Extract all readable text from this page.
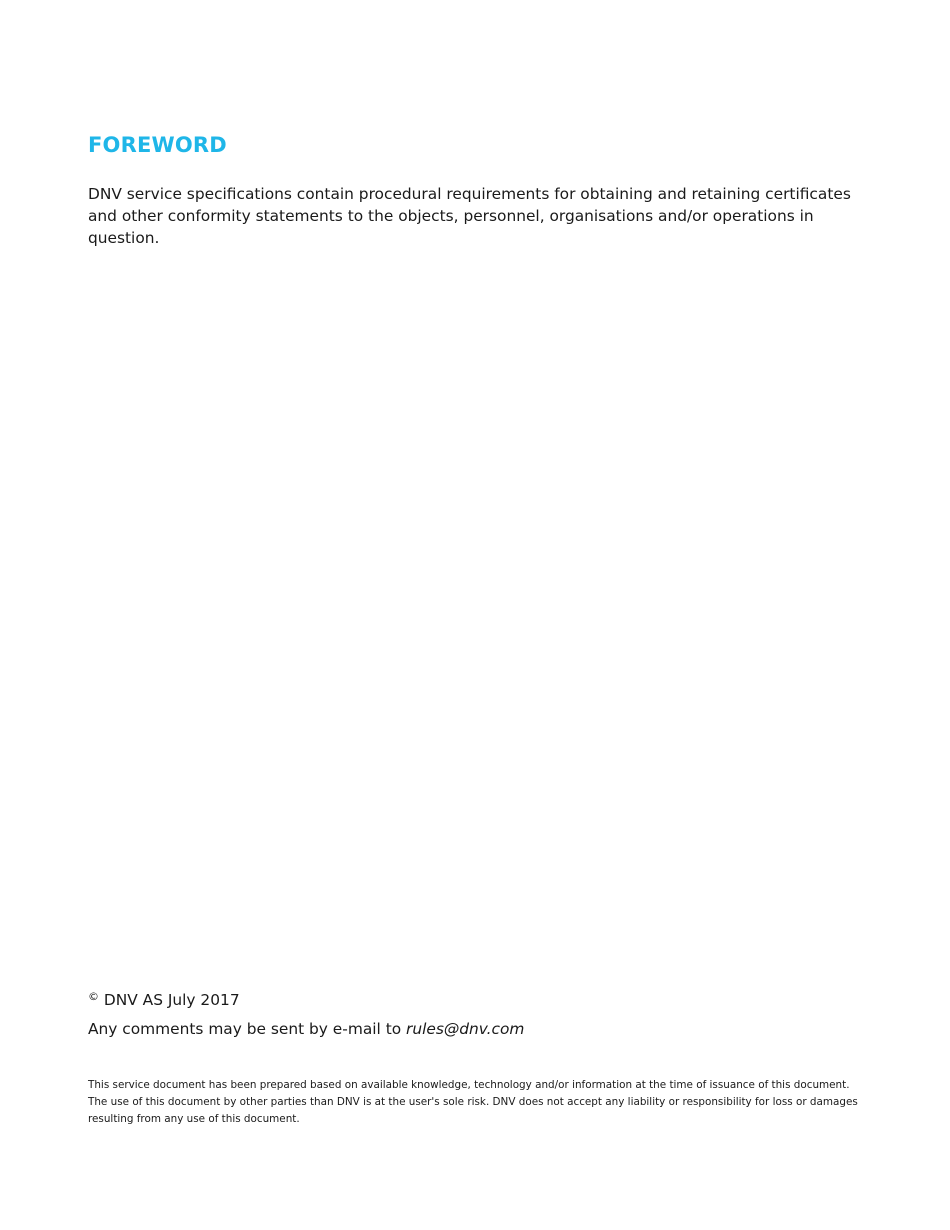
FOREWORD

DNV service specifications contain procedural requirements for obtaining and retaining certificates and other conformity statements to the objects, personnel, organisations and/or operations in question.

© DNV AS July 2017

Any comments may be sent by e-mail to rules@dnv.com

This service document has been prepared based on available knowledge, technology and/or information at the time of issuance of this document. The use of this document by other parties than DNV is at the user's sole risk. DNV does not accept any liability or responsibility for loss or damages resulting from any use of this document.
